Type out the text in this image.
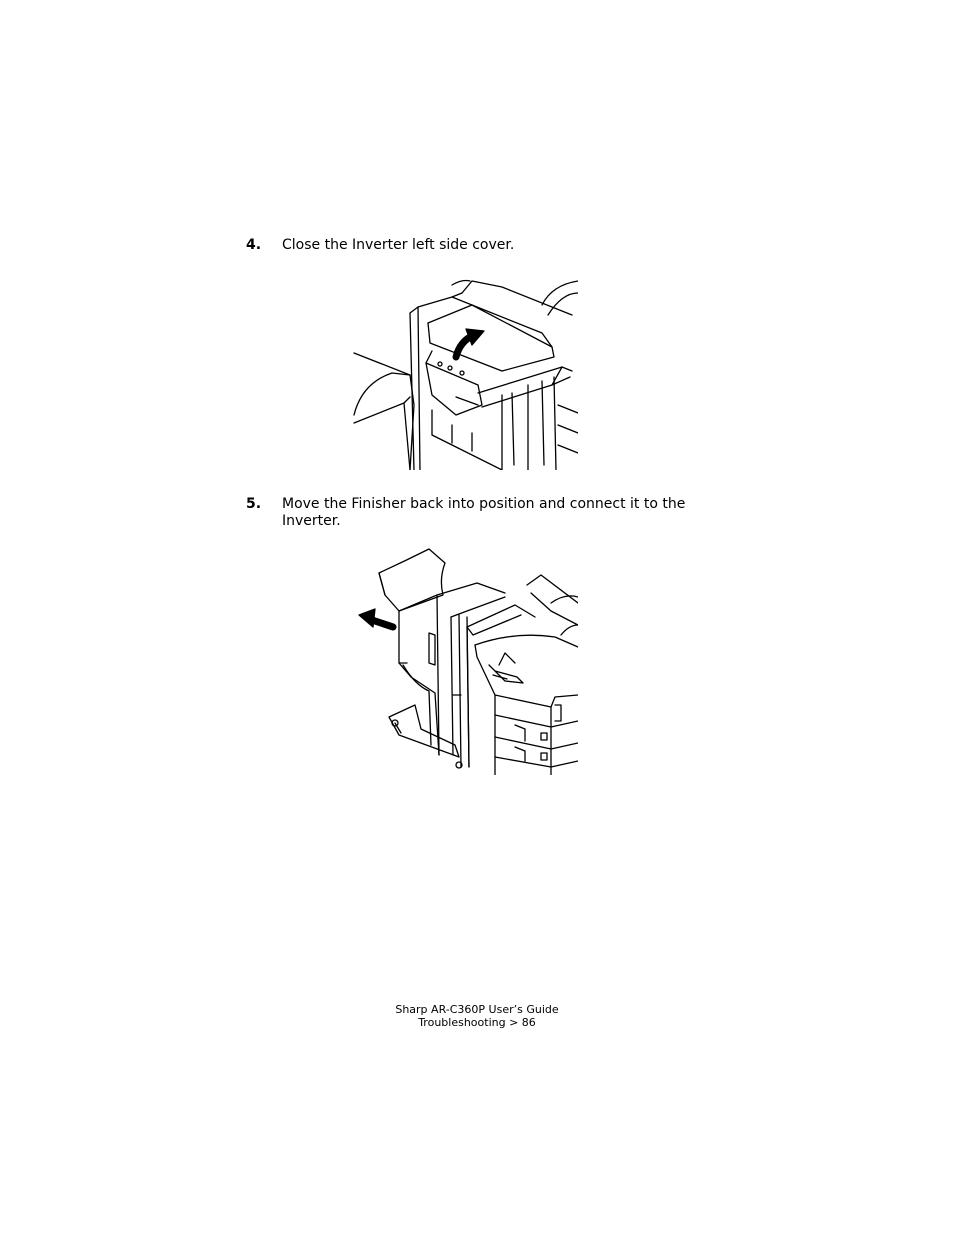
4. Close the Inverter left side cover.
5. Move the Finisher back into position and connect it to the Inverter.
Sharp AR-C360P User’s Guide
Troubleshooting > 86
